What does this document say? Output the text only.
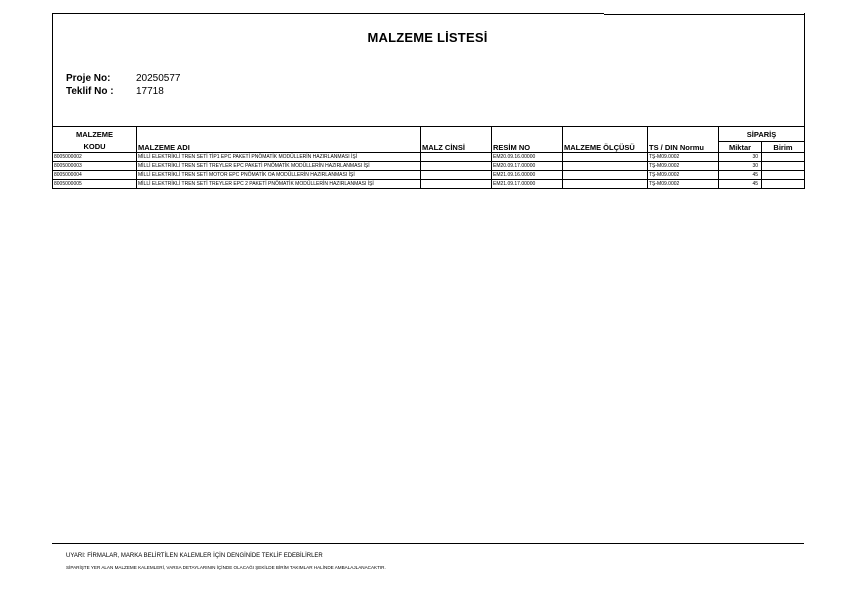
MALZEME LİSTESİ
Proje No:	20250577
Teklif No : 17718
MALZEME						SİPARİŞ	
KODU	MALZEME ADI	MALZ CİNSİ	RESİM NO	MALZEME ÖLÇÜSÜ	TS / DIN Normu	Miktar	Birim
8005000002	MİLLİ ELEKTRİKLİ TREN SETİ TİP1 EPC PAKETİ PNÖMATİK MODÜLLERİN HAZIRLANMASI İŞİ		EM20.09.16.00000		TŞ-M09.0002	30	
8005000003	MİLLİ ELEKTRİKLİ TREN SETİ TREYLER EPC PAKETİ PNÖMATİK MODÜLLERİN HAZIRLANMASI İŞİ		EM20.09.17.00000		TŞ-M09.0002	30	
8005000004	MİLLİ ELEKTRİKLİ TREN SETİ MOTOR EPC PNÖMATİK OA MODÜLLERİN HAZIRLANMASI İŞİ		EM21.09.16.00000		TŞ-M09.0002	45	
8005000005	MİLLİ ELEKTRİKLİ TREN SETİ TREYLER EPC 2 PAKETİ PNÖMATİK MODÜLLERİN HAZIRLANMASI İŞİ		EM21.09.17.00000		TŞ-M09.0002	45	
UYARI: FİRMALAR, MARKA BELİRTİLEN KALEMLER İÇİN DENGİNİDE TEKLİF EDEBİLİRLER
SİPARİŞTE YER ALAN MALZEME KALEMLERİ, VARSA DETAYLARININ İÇİNDE OLACAĞI ŞEKİLDE BİRİM TAKIMLAR HALİNDE AMBALAJLANACAKTIR.
